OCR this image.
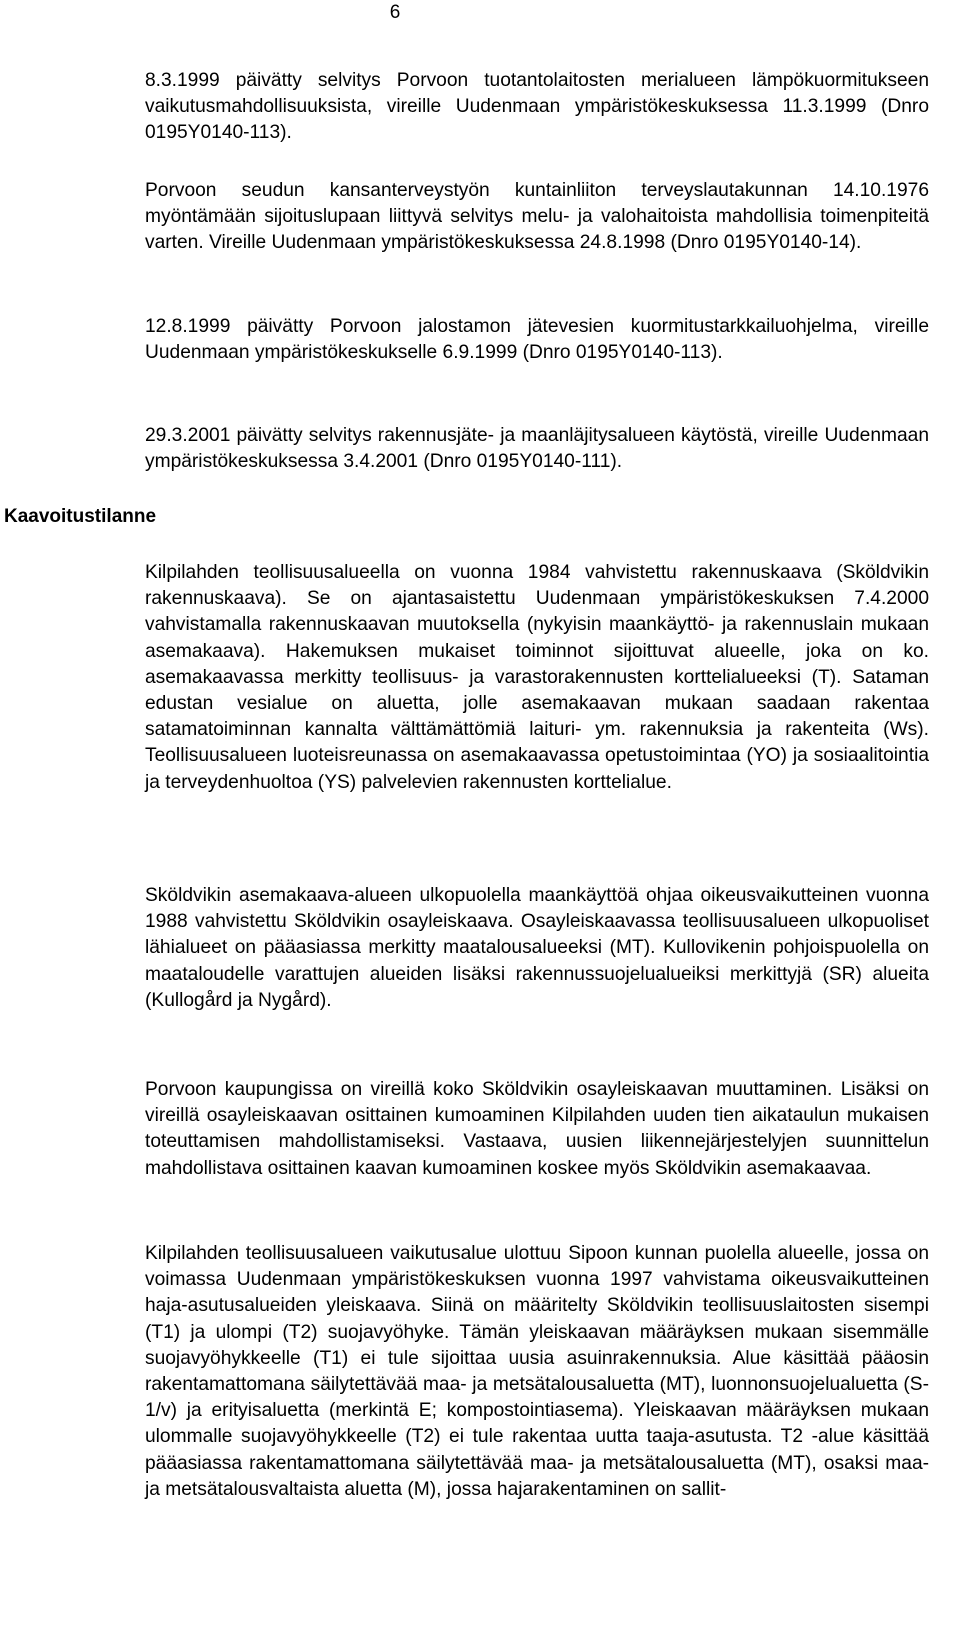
6
Kaavoitustilanne

8.3.1999 päivätty selvitys Porvoon tuotantolaitosten merialueen lämpökuormitukseen vaikutusmahdollisuuksista, vireille Uudenmaan ympäristökeskuksessa 11.3.1999 (Dnro 0195Y0140-113).

Porvoon seudun kansanterveystyön kuntainliiton terveyslautakunnan 14.10.1976 myöntämään sijoituslupaan liittyvä selvitys melu- ja valohaitoista mahdollisia toimenpiteitä varten. Vireille Uudenmaan ympäristökeskuksessa 24.8.1998 (Dnro 0195Y0140-14).

12.8.1999 päivätty Porvoon jalostamon jätevesien kuormitustarkkailuohjelma, vireille Uudenmaan ympäristökeskukselle 6.9.1999 (Dnro 0195Y0140-113).

29.3.2001 päivätty selvitys rakennusjäte- ja maanläjitysalueen käytöstä, vireille Uudenmaan ympäristökeskuksessa 3.4.2001 (Dnro 0195Y0140-111).

Kilpilahden teollisuusalueella on vuonna 1984 vahvistettu rakennuskaava (Sköldvikin rakennuskaava). Se on ajantasaistettu Uudenmaan ympäristökeskuksen 7.4.2000 vahvistamalla rakennuskaavan muutoksella (nykyisin maankäyttö- ja rakennuslain mukaan asemakaava). Hakemuksen mukaiset toiminnot sijoittuvat alueelle, joka on ko. asemakaavassa merkitty teollisuus- ja varastorakennusten korttelialueeksi (T). Sataman edustan vesialue on aluetta, jolle asemakaavan mukaan saadaan rakentaa satamatoiminnan kannalta välttämättömiä laituri- ym. rakennuksia ja rakenteita (Ws). Teollisuusalueen luoteisreunassa on asemakaavassa opetustoimintaa (YO) ja sosiaalitointia ja terveydenhuoltoa (YS) palvelevien rakennusten korttelialue.

Sköldvikin asemakaava-alueen ulkopuolella maankäyttöä ohjaa oikeusvaikutteinen vuonna 1988 vahvistettu Sköldvikin osayleiskaava. Osayleiskaavassa teollisuusalueen ulkopuoliset lähialueet on pääasiassa merkitty maatalousalueeksi (MT). Kullovikenin pohjoispuolella on maataloudelle varattujen alueiden lisäksi rakennussuojelualueiksi merkittyjä (SR) alueita (Kullogård ja Nygård).

Porvoon kaupungissa on vireillä koko Sköldvikin osayleiskaavan muuttaminen. Lisäksi on vireillä osayleiskaavan osittainen kumoaminen Kilpilahden uuden tien aikataulun mukaisen toteuttamisen mahdollistamiseksi. Vastaava, uusien liikennejärjestelyjen suunnittelun mahdollistava osittainen kaavan kumoaminen koskee myös Sköldvikin asemakaavaa.

Kilpilahden teollisuusalueen vaikutusalue ulottuu Sipoon kunnan puolella alueelle, jossa on voimassa Uudenmaan ympäristökeskuksen vuonna 1997 vahvistama oikeusvaikutteinen haja-asutusalueiden yleiskaava. Siinä on määritelty Sköldvikin teollisuuslaitosten sisempi (T1) ja ulompi (T2) suojavyöhyke. Tämän yleiskaavan määräyksen mukaan sisemmälle suojavyöhykkeelle (T1) ei tule sijoittaa uusia asuinrakennuksia. Alue käsittää pääosin rakentamattomana säilytettävää maa- ja metsätalousaluetta (MT), luonnonsuojelualuetta (S-1/v) ja erityisaluetta (merkintä E; kompostointiasema). Yleiskaavan määräyksen mukaan ulommalle suojavyöhykkeelle (T2) ei tule rakentaa uutta taaja-asutusta. T2 -alue käsittää pääasiassa rakentamattomana säilytettävää maa- ja metsätalousaluetta (MT), osaksi maa- ja metsätalousvaltaista aluetta (M), jossa hajarakentaminen on sallit-
